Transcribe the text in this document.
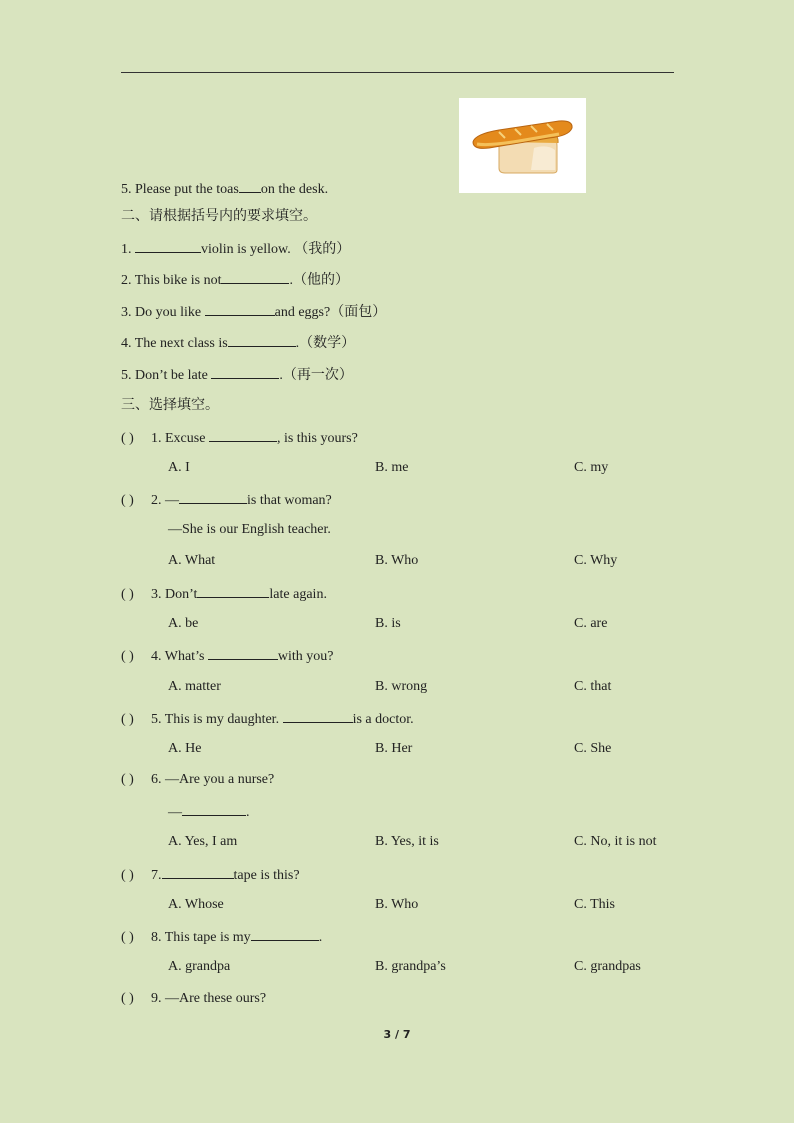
5. Please put the toas on the desk.
二、请根据括号内的要求填空。
1.	violin is yellow. （我的）
2. This bike is not	.（他的）
3. Do you like	and eggs?（面包）
4. The next class is	.（数学）
5. Don’t be late	.（再一次）
三、选择填空。
( ) 1. Excuse	, is this yours?
A. I	B. me	C. my
( ) 2. —	is that woman?
—She is our English teacher.
A. What	B. Who	C. Why
( ) 3. Don’t	late again.
A. be	B. is	C. are
( ) 4. What’s	with you?
A. matter	B. wrong	C. that
( ) 5. This is my daughter.	is a doctor.
A. He	B. Her	C. She
( ) 6. —Are you a nurse?
—	.
A. Yes, I am	B. Yes, it is	C. No, it is not
( ) 7.	tape is this?
A. Whose	B. Who	C. This
( ) 8. This tape is my	.
A. grandpa	B. grandpa’s	C. grandpas
( ) 9. —Are these ours?
3 / 7
